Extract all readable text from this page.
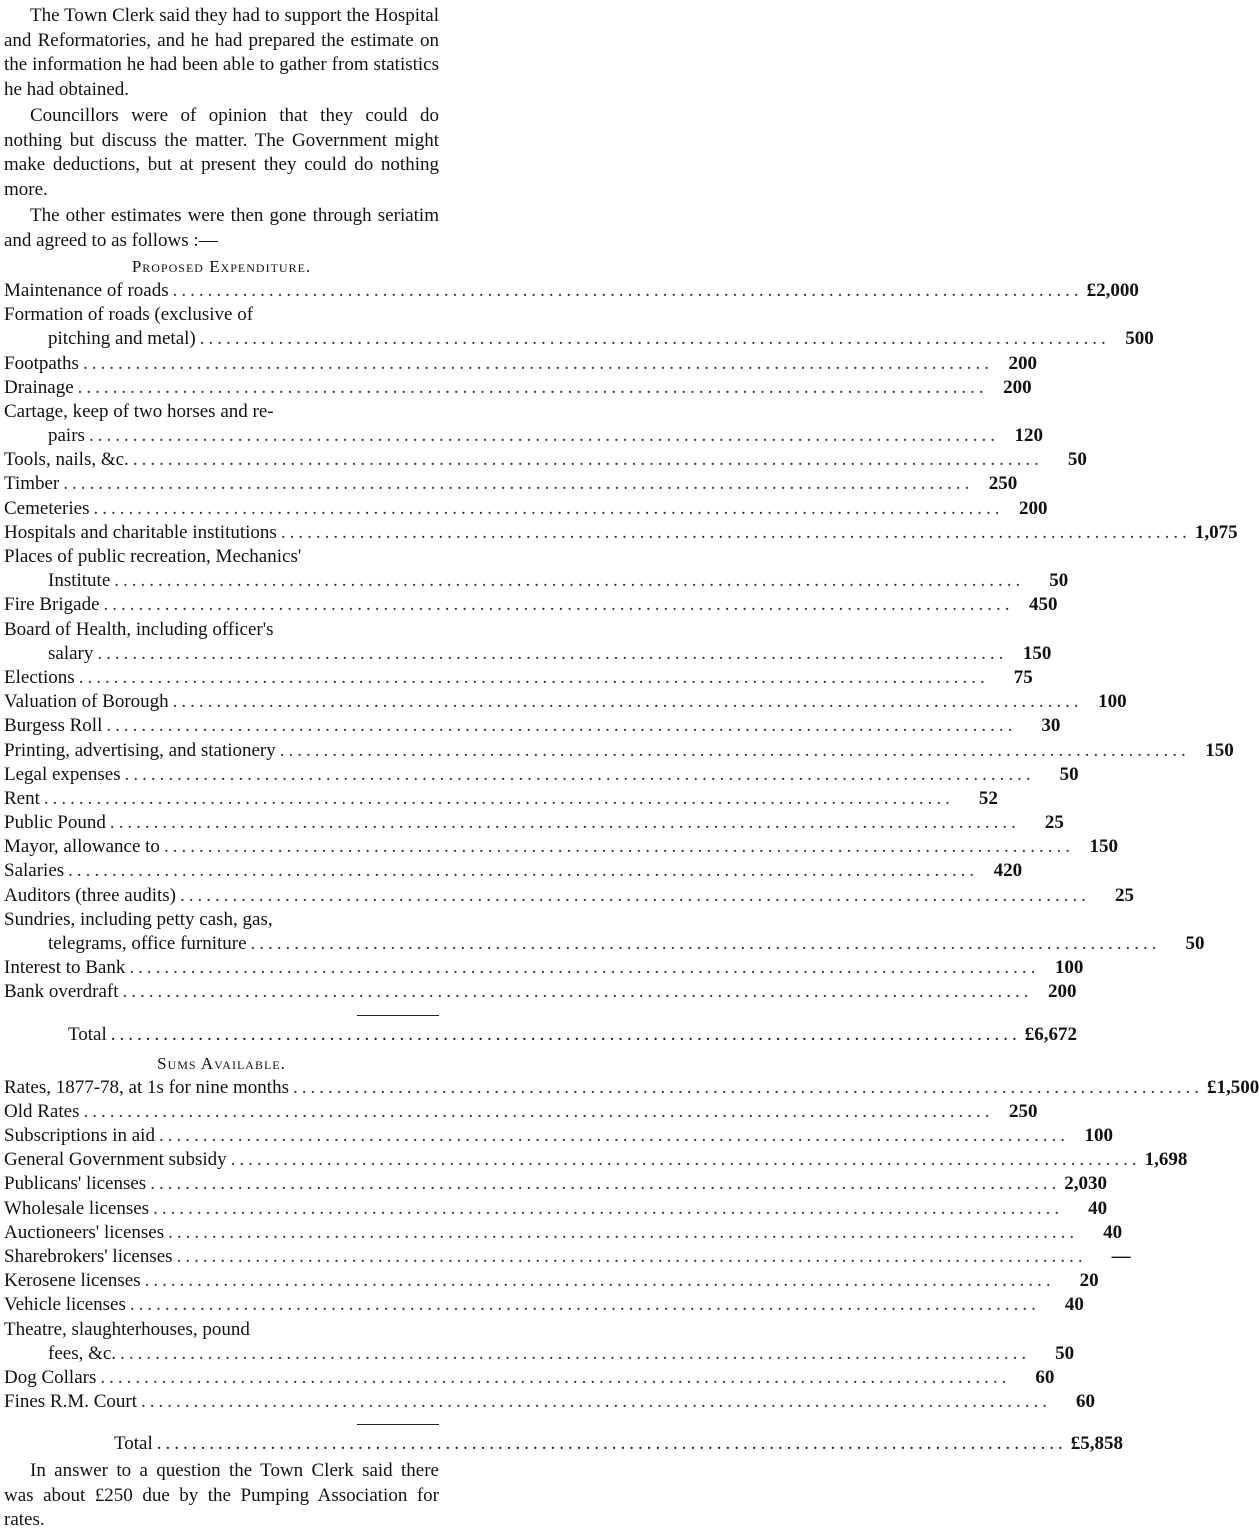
The Town Clerk said they had to support the Hospital and Reformatories, and he had prepared the estimate on the information he had been able to gather from statistics he had obtained.

Councillors were of opinion that they could do nothing but discuss the matter. The Government might make deductions, but at present they could do nothing more.

The other estimates were then gone through seriatim and agreed to as follows :—

Proposed Expenditure.
Maintenance of roads .....	£2,000
Formation of roads (exclusive of
pitching and metal) .....	500
Footpaths .....	200
Drainage .....	200
Cartage, keep of two horses and re-
pairs .....	120
Tools, nails, &c. .....	50
Timber .....	250
Cemeteries .....	200
Hospitals and charitable institutions .....	1,075
Places of public recreation, Mechanics'
Institute .....	50
Fire Brigade .....	450
Board of Health, including officer's
salary .....	150
Elections .....	75
Valuation of Borough .....	100
Burgess Roll .....	30
Printing, advertising, and stationery .....	150
Legal expenses .....	50
Rent .....	52
Public Pound .....	25
Mayor, allowance to .....	150
Salaries .....	420
Auditors (three audits) .....	25
Sundries, including petty cash, gas,
telegrams, office furniture .....	50
Interest to Bank .....	100
Bank overdraft .....	200
Total .....	£6,672
Sums Available.
Rates, 1877-78, at 1s for nine months .....	£1,500
Old Rates .....	250
Subscriptions in aid .....	100
General Government subsidy .....	1,698
Publicans' licenses .....	2,030
Wholesale licenses .....	40
Auctioneers' licenses .....	40
Sharebrokers' licenses .....	—
Kerosene licenses .....	20
Vehicle licenses .....	40
Theatre, slaughterhouses, pound
fees, &c. .....	50
Dog Collars .....	60
Fines R.M. Court .....	60
Total .....	£5,858

In answer to a question the Town Clerk said there was about £250 due by the Pumping Association for rates.
